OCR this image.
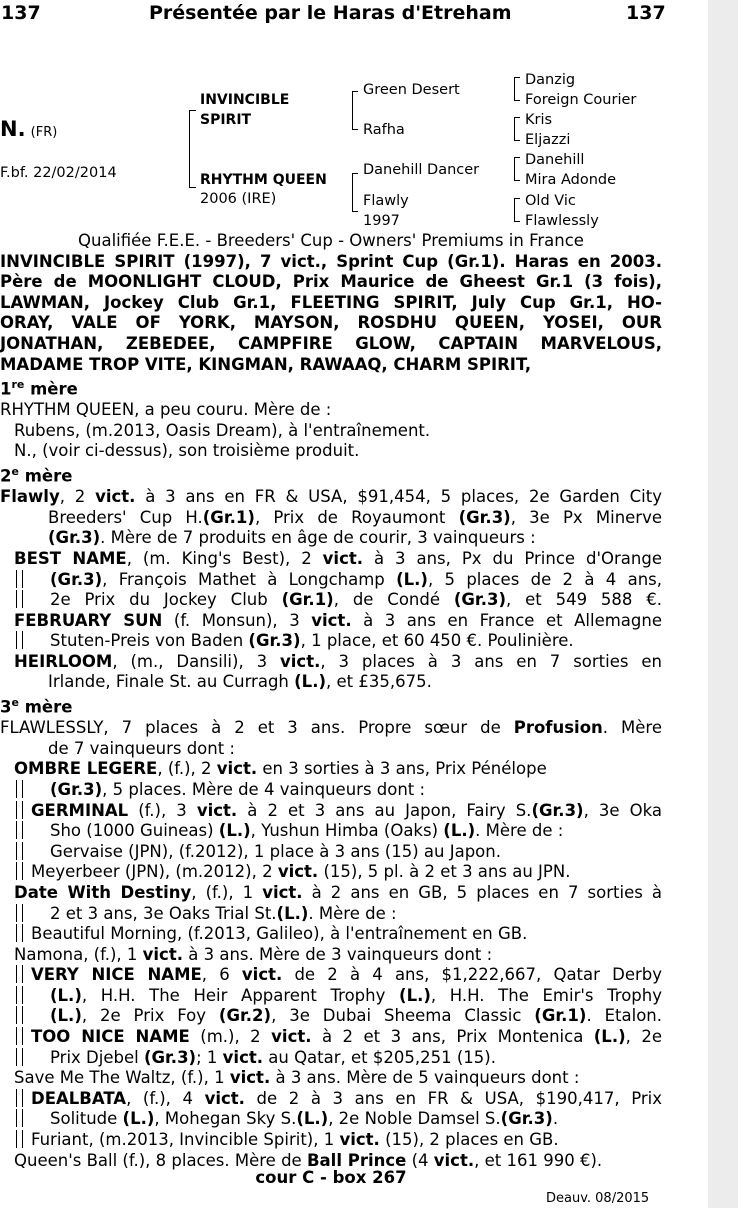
137	Présentée par le Haras d'Etreham	137
N. (FR)
F.bf. 22/02/2014
INVINCIBLE
SPIRIT
RHYTHM QUEEN
2006 (IRE)
Green Desert
Rafha
Danehill Dancer
Flawly
1997
Danzig
Foreign Courier
Kris
Eljazzi
Danehill
Mira Adonde
Old Vic
Flawlessly
Qualifiée F.E.E. - Breeders' Cup - Owners' Premiums in France
INVINCIBLE SPIRIT (1997), 7 vict., Sprint Cup (Gr.1). Haras en 2003.
Père de MOONLIGHT CLOUD, Prix Maurice de Gheest Gr.1 (3 fois),
LAWMAN, Jockey Club Gr.1, FLEETING SPIRIT, July Cup Gr.1, HO-
ORAY, VALE OF YORK, MAYSON, ROSDHU QUEEN, YOSEI, OUR
JONATHAN, ZEBEDEE, CAMPFIRE GLOW, CAPTAIN MARVELOUS,
MADAME TROP VITE, KINGMAN, RAWAAQ, CHARM SPIRIT,
1re mère
RHYTHM QUEEN, a peu couru. Mère de :
Rubens, (m.2013, Oasis Dream), à l'entraînement.
N., (voir ci-dessus), son troisième produit.
2e mère
Flawly, 2 vict. à 3 ans en FR & USA, $91,454, 5 places, 2e Garden City
Breeders' Cup H.(Gr.1), Prix de Royaumont (Gr.3), 3e Px Minerve
(Gr.3). Mère de 7 produits en âge de courir, 3 vainqueurs :
BEST NAME, (m. King's Best), 2 vict. à 3 ans, Px du Prince d'Orange
(Gr.3), François Mathet à Longchamp (L.), 5 places de 2 à 4 ans,
2e Prix du Jockey Club (Gr.1), de Condé (Gr.3), et 549 588 €.
FEBRUARY SUN (f. Monsun), 3 vict. à 3 ans en France et Allemagne
Stuten-Preis von Baden (Gr.3), 1 place, et 60 450 €. Poulinière.
HEIRLOOM, (m., Dansili), 3 vict., 3 places à 3 ans en 7 sorties en
Irlande, Finale St. au Curragh (L.), et £35,675.
3e mère
FLAWLESSLY, 7 places à 2 et 3 ans. Propre sœur de Profusion. Mère
de 7 vainqueurs dont :
OMBRE LEGERE, (f.), 2 vict. en 3 sorties à 3 ans, Prix Pénélope
(Gr.3), 5 places. Mère de 4 vainqueurs dont :
GERMINAL (f.), 3 vict. à 2 et 3 ans au Japon, Fairy S.(Gr.3), 3e Oka
Sho (1000 Guineas) (L.), Yushun Himba (Oaks) (L.). Mère de :
Gervaise (JPN), (f.2012), 1 place à 3 ans (15) au Japon.
Meyerbeer (JPN), (m.2012), 2 vict. (15), 5 pl. à 2 et 3 ans au JPN.
Date With Destiny, (f.), 1 vict. à 2 ans en GB, 5 places en 7 sorties à
2 et 3 ans, 3e Oaks Trial St.(L.). Mère de :
Beautiful Morning, (f.2013, Galileo), à l'entraînement en GB.
Namona, (f.), 1 vict. à 3 ans. Mère de 3 vainqueurs dont :
VERY NICE NAME, 6 vict. de 2 à 4 ans, $1,222,667, Qatar Derby
(L.), H.H. The Heir Apparent Trophy (L.), H.H. The Emir's Trophy
(L.), 2e Prix Foy (Gr.2), 3e Dubai Sheema Classic (Gr.1). Etalon.
TOO NICE NAME (m.), 2 vict. à 2 et 3 ans, Prix Montenica (L.), 2e
Prix Djebel (Gr.3); 1 vict. au Qatar, et $205,251 (15).
Save Me The Waltz, (f.), 1 vict. à 3 ans. Mère de 5 vainqueurs dont :
DEALBATA, (f.), 4 vict. de 2 à 3 ans en FR & USA, $190,417, Prix
Solitude (L.), Mohegan Sky S.(L.), 2e Noble Damsel S.(Gr.3).
Furiant, (m.2013, Invincible Spirit), 1 vict. (15), 2 places en GB.
Queen's Ball (f.), 8 places. Mère de Ball Prince (4 vict., et 161 990 €).
cour C - box 267
Deauv. 08/2015
